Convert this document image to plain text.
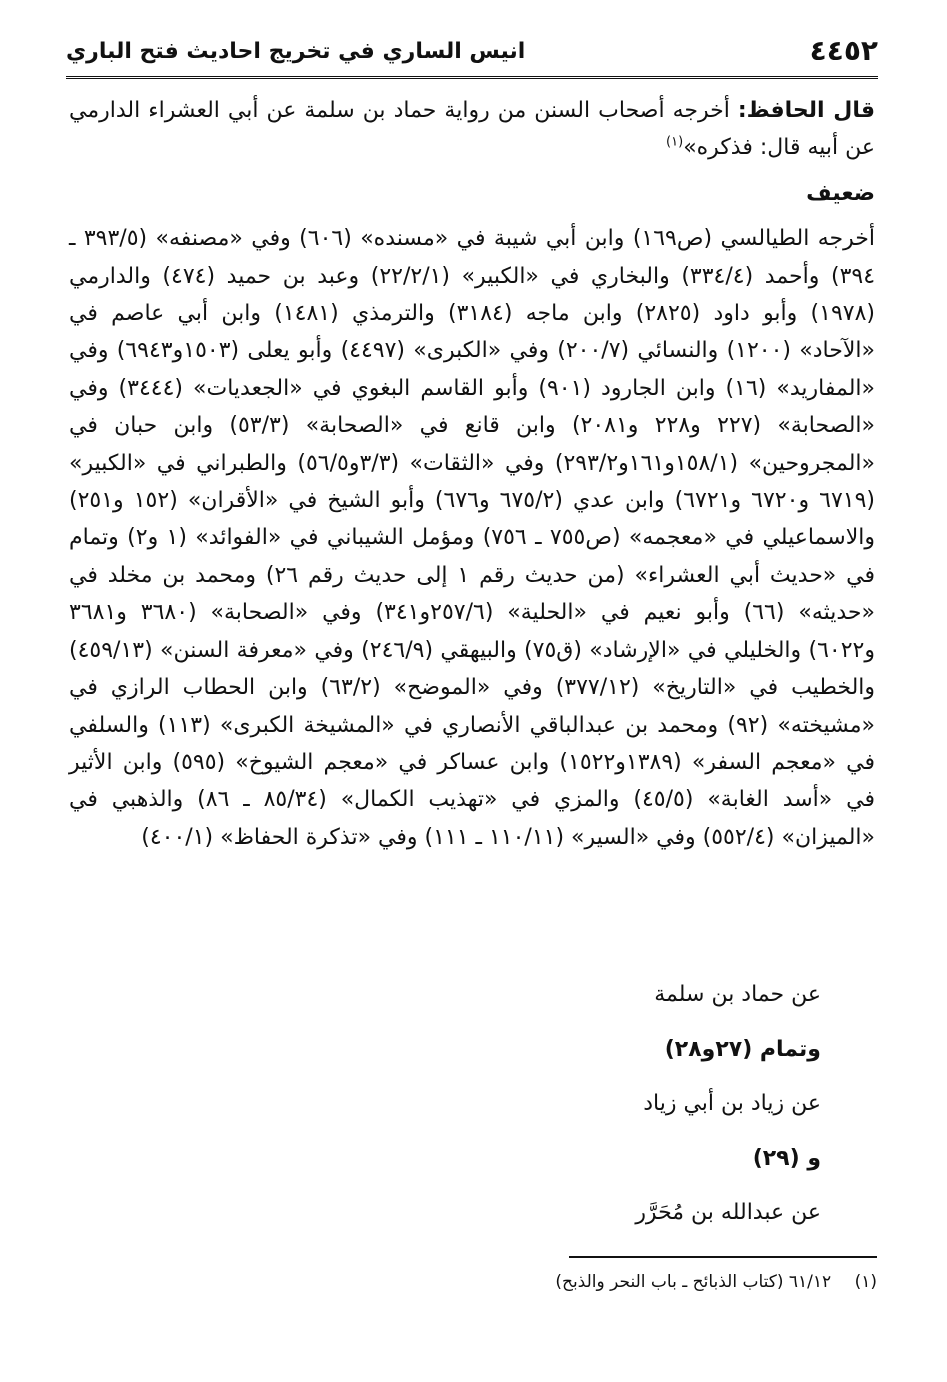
٤٤٥٢
انيس الساري في تخريج احاديث فتح الباري

قال الحافظ: أخرجه أصحاب السنن من رواية حماد بن سلمة عن أبي العشراء الدارمي عن أبيه قال: فذكره»$^{(١)}$

ضعيف

أخرجه الطيالسي (ص١٦٩) وابن أبي شيبة في «مسنده» (٦٠٦) وفي «مصنفه» (٣٩٣/٥ ـ ٣٩٤) وأحمد (٣٣٤/٤) والبخاري في «الكبير» (٢٢/٢/١) وعبد بن حميد (٤٧٤) والدارمي (١٩٧٨) وأبو داود (٢٨٢٥) وابن ماجه (٣١٨٤) والترمذي (١٤٨١) وابن أبي عاصم في «الآحاد» (١٢٠٠) والنسائي (٢٠٠/٧) وفي «الكبرى» (٤٤٩٧) وأبو يعلى (١٥٠٣و٦٩٤٣) وفي «المفاريد» (١٦) وابن الجارود (٩٠١) وأبو القاسم البغوي في «الجعديات» (٣٤٤٤) وفي «الصحابة» (٢٢٧ و٢٢٨ و٢٠٨١) وابن قانع في «الصحابة» (٥٣/٣) وابن حبان في «المجروحين» (١٥٨/١و١٦١و٢٩٣/٢) وفي «الثقات» (٣/٣و٥٦/٥) والطبراني في «الكبير» (٦٧١٩ و٦٧٢٠ و٦٧٢١) وابن عدي (٦٧٥/٢ و٦٧٦) وأبو الشيخ في «الأقران» (١٥٢ و٢٥١) والاسماعيلي في «معجمه» (ص٧٥٥ ـ ٧٥٦) ومؤمل الشيباني في «الفوائد» (١ و٢) وتمام في «حديث أبي العشراء» (من حديث رقم ١ إلى حديث رقم ٢٦) ومحمد بن مخلد في «حديثه» (٦٦) وأبو نعيم في «الحلية» (٢٥٧/٦و٣٤١) وفي «الصحابة» (٣٦٨٠ و٣٦٨١ و٦٠٢٢) والخليلي في «الإرشاد» (ق٧٥) والبيهقي (٢٤٦/٩) وفي «معرفة السنن» (٤٥٩/١٣) والخطيب في «التاريخ» (٣٧٧/١٢) وفي «الموضح» (٦٣/٢) وابن الحطاب الرازي في «مشيخته» (٩٢) ومحمد بن عبدالباقي الأنصاري في «المشيخة الكبرى» (١١٣) والسلفي في «معجم السفر» (١٣٨٩و١٥٢٢) وابن عساكر في «معجم الشيوخ» (٥٩٥) وابن الأثير في «أسد الغابة» (٤٥/٥) والمزي في «تهذيب الكمال» (٨٥/٣٤ ـ ٨٦) والذهبي في «الميزان» (٥٥٢/٤) وفي «السير» (١١٠/١١ ـ ١١١) وفي «تذكرة الحفاظ» (٤٠٠/١)

عن حماد بن سلمة
وتمام (٢٧و٢٨)
عن زياد بن أبي زياد
و (٢٩)
عن عبدالله بن مُحَرَّر
(١) ٦١/١٢ (كتاب الذبائح ـ باب النحر والذبح)
